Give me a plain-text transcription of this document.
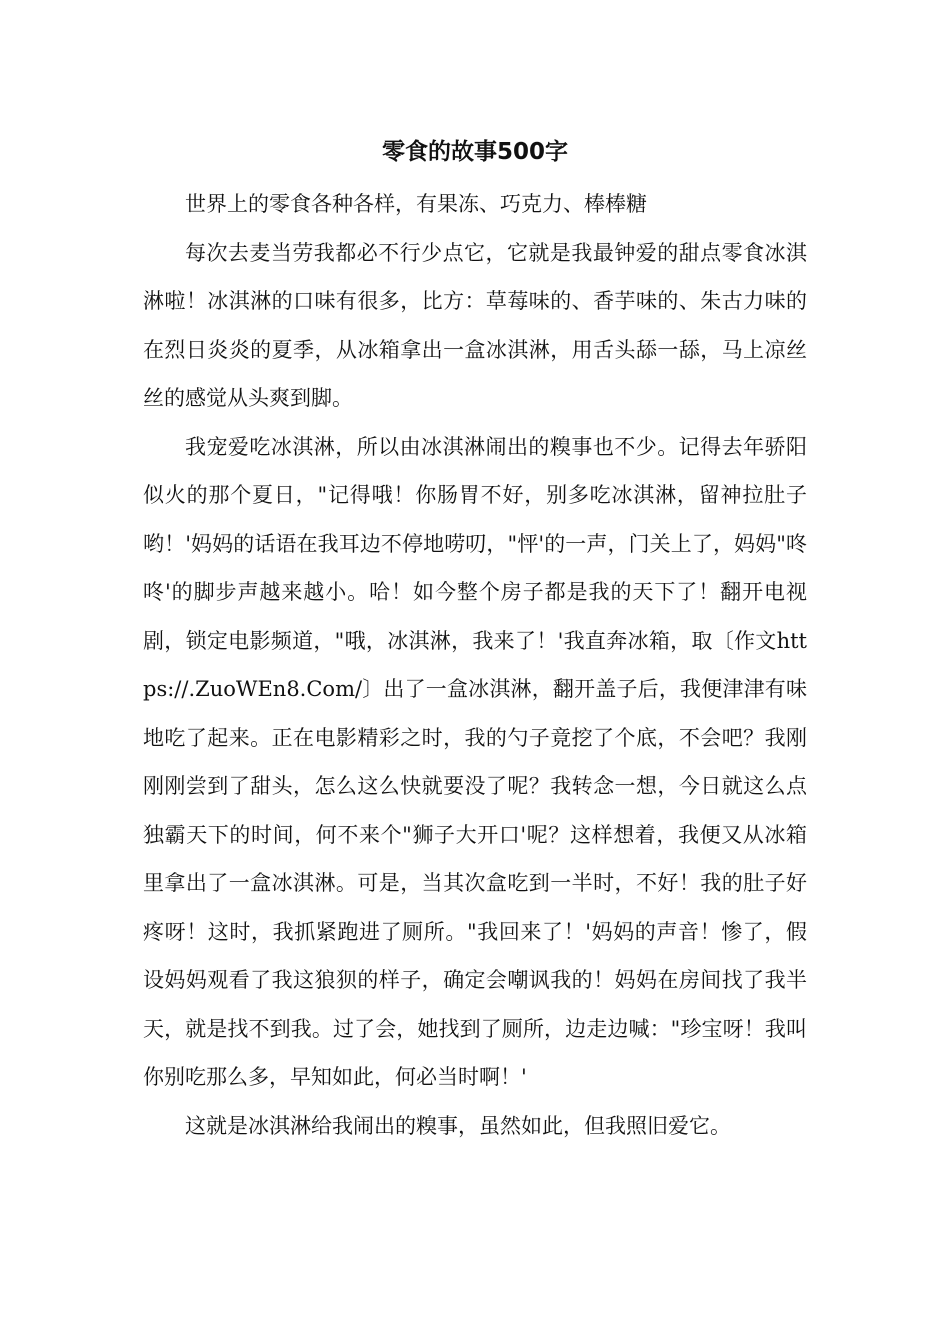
零食的故事500字

世界上的零食各种各样，有果冻、巧克力、棒棒糖

每次去麦当劳我都必不行少点它，它就是我最钟爱的甜点零食冰淇淋啦！冰淇淋的口味有很多，比方：草莓味的、香芋味的、朱古力味的在烈日炎炎的夏季，从冰箱拿出一盒冰淇淋，用舌头舔一舔，马上凉丝丝的感觉从头爽到脚。

我宠爱吃冰淇淋，所以由冰淇淋闹出的糗事也不少。记得去年骄阳似火的那个夏日，"记得哦！你肠胃不好，别多吃冰淇淋，留神拉肚子哟！'妈妈的话语在我耳边不停地唠叨，"怦'的一声，门关上了，妈妈"咚咚'的脚步声越来越小。哈！如今整个房子都是我的天下了！翻开电视剧，锁定电影频道，"哦，冰淇淋，我来了！'我直奔冰箱，取〔作文https://.ZuoWEn8.Com/〕出了一盒冰淇淋，翻开盖子后，我便津津有味地吃了起来。正在电影精彩之时，我的勺子竟挖了个底，不会吧？我刚刚刚尝到了甜头，怎么这么快就要没了呢？我转念一想，今日就这么点独霸天下的时间，何不来个"狮子大开口'呢？这样想着，我便又从冰箱里拿出了一盒冰淇淋。可是，当其次盒吃到一半时，不好！我的肚子好疼呀！这时，我抓紧跑进了厕所。"我回来了！'妈妈的声音！惨了，假设妈妈观看了我这狼狈的样子，确定会嘲讽我的！妈妈在房间找了我半天，就是找不到我。过了会，她找到了厕所，边走边喊："珍宝呀！我叫你别吃那么多，早知如此，何必当时啊！'

这就是冰淇淋给我闹出的糗事，虽然如此，但我照旧爱它。
